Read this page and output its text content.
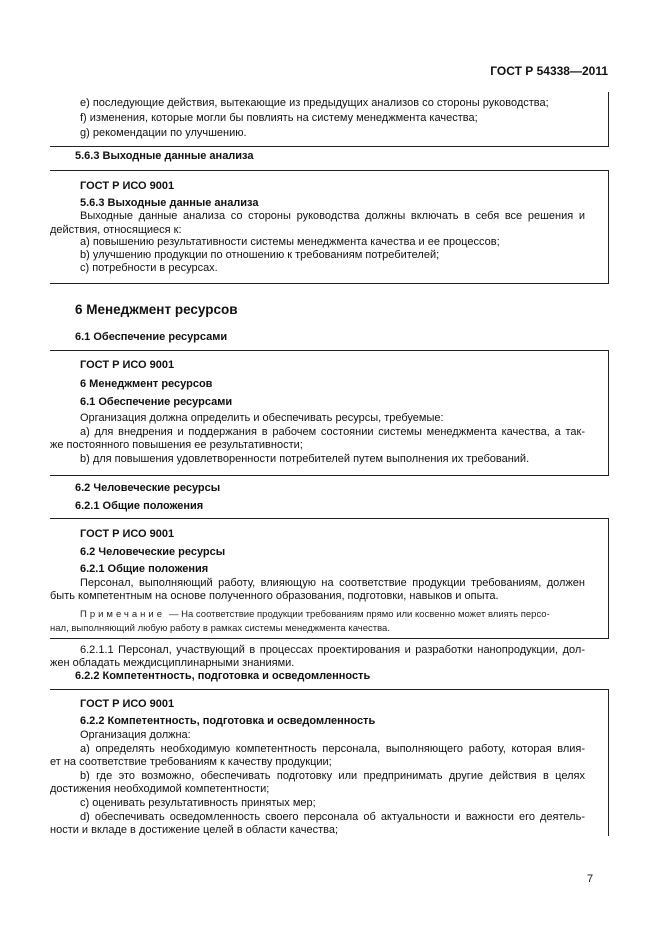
ГОСТ Р 54338—2011
e) последующие действия, вытекающие из предыдущих анализов со стороны руководства;
f) изменения, которые могли бы повлиять на систему менеджмента качества;
g) рекомендации по улучшению.
5.6.3 Выходные данные анализа
ГОСТ Р ИСО 9001
5.6.3 Выходные данные анализа
Выходные данные анализа со стороны руководства должны включать в себя все решения и
действия, относящиеся к:
a) повышению результативности системы менеджмента качества и ее процессов;
b) улучшению продукции по отношению к требованиям потребителей;
c) потребности в ресурсах.
6 Менеджмент ресурсов
6.1 Обеспечение ресурсами
ГОСТ Р ИСО 9001
6 Менеджмент ресурсов
6.1 Обеспечение ресурсами
Организация должна определить и обеспечивать ресурсы, требуемые:
a) для внедрения и поддержания в рабочем состоянии системы менеджмента качества, а так-
же постоянного повышения ее результативности;
b) для повышения удовлетворенности потребителей путем выполнения их требований.
6.2 Человеческие ресурсы
6.2.1 Общие положения
ГОСТ Р ИСО 9001
6.2 Человеческие ресурсы
6.2.1 Общие положения
Персонал, выполняющий работу, влияющую на соответствие продукции требованиям, должен
быть компетентным на основе полученного образования, подготовки, навыков и опыта.
Примечание — На соответствие продукции требованиям прямо или косвенно может влиять персо-
нал, выполняющий любую работу в рамках системы менеджмента качества.
6.2.1.1 Персонал, участвующий в процессах проектирования и разработки нанопродукции, дол-
жен обладать междисциплинарными знаниями.
6.2.2 Компетентность, подготовка и осведомленность
ГОСТ Р ИСО 9001
6.2.2 Компетентность, подготовка и осведомленность
Организация должна:
a) определять необходимую компетентность персонала, выполняющего работу, которая влия-
ет на соответствие требованиям к качеству продукции;
b) где это возможно, обеспечивать подготовку или предпринимать другие действия в целях
достижения необходимой компетентности;
c) оценивать результативность принятых мер;
d) обеспечивать осведомленность своего персонала об актуальности и важности его деятель-
ности и вкладе в достижение целей в области качества;
7
